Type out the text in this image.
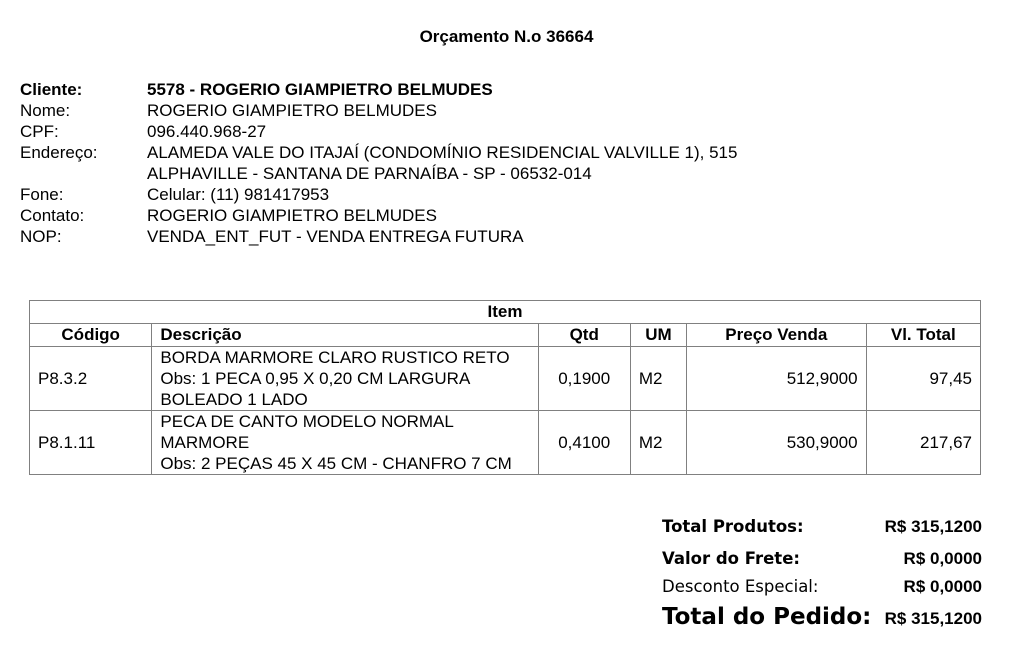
Orçamento N.o 36664
Cliente:	5578 - ROGERIO GIAMPIETRO BELMUDES
Nome:	ROGERIO GIAMPIETRO BELMUDES
CPF:	096.440.968-27
Endereço:	ALAMEDA VALE DO ITAJAÍ (CONDOMÍNIO RESIDENCIAL VALVILLE 1), 515
ALPHAVILLE - SANTANA DE PARNAÍBA - SP - 06532-014
Fone:	Celular: (11) 981417953
Contato:	ROGERIO GIAMPIETRO BELMUDES
NOP:	VENDA_ENT_FUT - VENDA ENTREGA FUTURA
Item					
Código	Descrição	Qtd	UM	Preço Venda	Vl. Total
P8.3.2	BORDA MARMORE CLARO RUSTICO RETO
Obs: 1 PECA 0,95 X 0,20 CM LARGURA
BOLEADO 1 LADO	0,1900	M2	512,9000	97,45
P8.1.11	PECA DE CANTO MODELO NORMAL
MARMORE
Obs: 2 PEÇAS 45 X 45 CM - CHANFRO 7 CM	0,4100	M2	530,9000	217,67
Total Produtos:	R$ 315,1200
Valor do Frete:	R$ 0,0000
Desconto Especial:	R$ 0,0000
Total do Pedido: R$ 315,1200
